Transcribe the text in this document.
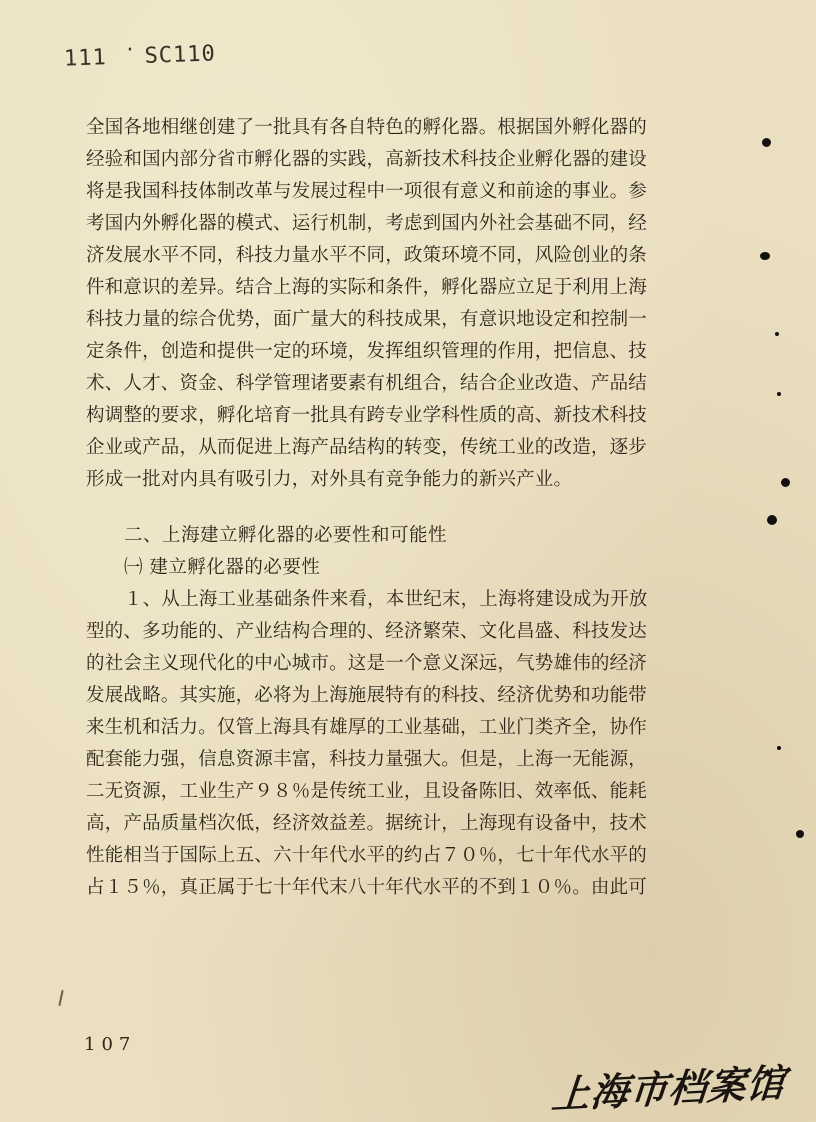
111 · SC110
全国各地相继创建了一批具有各自特色的孵化器。根据国外孵化器的
经验和国内部分省市孵化器的实践，高新技术科技企业孵化器的建设
将是我国科技体制改革与发展过程中一项很有意义和前途的事业。参
考国内外孵化器的模式、运行机制，考虑到国内外社会基础不同，经
济发展水平不同，科技力量水平不同，政策环境不同，风险创业的条
件和意识的差异。结合上海的实际和条件，孵化器应立足于利用上海
科技力量的综合优势，面广量大的科技成果，有意识地设定和控制一
定条件，创造和提供一定的环境，发挥组织管理的作用，把信息、技
术、人才、资金、科学管理诸要素有机组合，结合企业改造、产品结
构调整的要求，孵化培育一批具有跨专业学科性质的高、新技术科技
企业或产品，从而促进上海产品结构的转变，传统工业的改造，逐步
形成一批对内具有吸引力，对外具有竞争能力的新兴产业。
二、上海建立孵化器的必要性和可能性
㈠ 建立孵化器的必要性
１、从上海工业基础条件来看，本世纪末，上海将建设成为开放
型的、多功能的、产业结构合理的、经济繁荣、文化昌盛、科技发达
的社会主义现代化的中心城市。这是一个意义深远，气势雄伟的经济
发展战略。其实施，必将为上海施展特有的科技、经济优势和功能带
来生机和活力。仅管上海具有雄厚的工业基础，工业门类齐全，协作
配套能力强，信息资源丰富，科技力量强大。但是，上海一无能源，
二无资源，工业生产９８％是传统工业，且设备陈旧、效率低、能耗
高，产品质量档次低，经济效益差。据统计，上海现有设备中，技术
性能相当于国际上五、六十年代水平的约占７０％，七十年代水平的
占１５％，真正属于七十年代末八十年代水平的不到１０％。由此可
107
上海市档案馆
